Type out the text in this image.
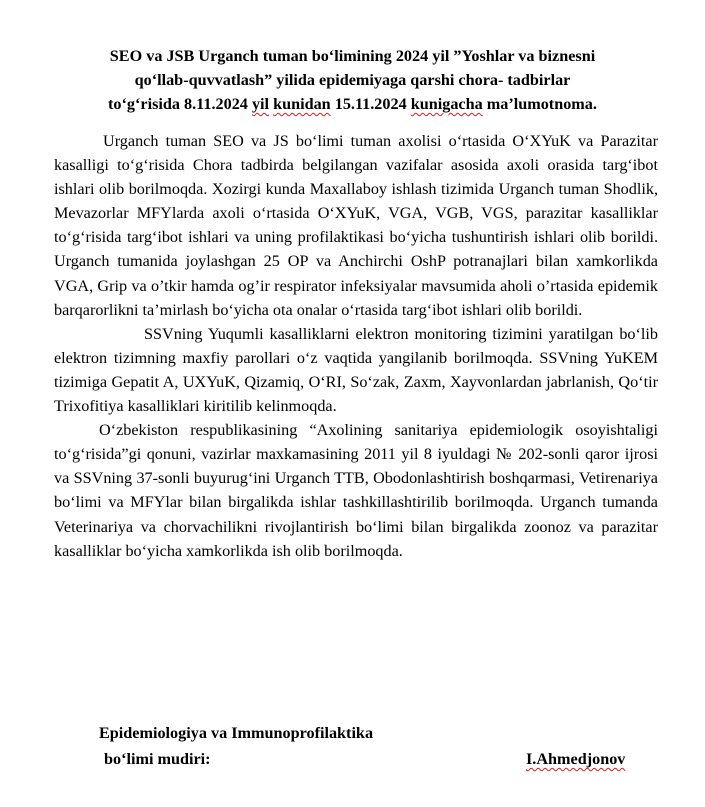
SEO va JSB Urganch tuman bo‘limining 2024 yil ”Yoshlar va biznesni
qo‘llab-quvvatlash” yilida epidemiyaga qarshi chora- tadbirlar
to‘g‘risida 8.11.2024 yil kunidan 15.11.2024 kunigacha ma’lumotnoma.

Urganch tuman SEO va JS bo‘limi tuman axolisi o‘rtasida O‘XYuK va Parazitar kasalligi to‘g‘risida Chora tadbirda belgilangan vazifalar asosida axoli orasida targ‘ibot ishlari olib borilmoqda. Xozirgi kunda Maxallaboy ishlash tizimida Urganch tuman Shodlik, Mevazorlar MFYlarda axoli o‘rtasida O‘XYuK, VGA, VGB, VGS, parazitar kasalliklar to‘g‘risida targ‘ibot ishlari va uning profilaktikasi bo‘yicha tushuntirish ishlari olib borildi. Urganch tumanida joylashgan 25 OP va Anchirchi OshP potranajlari bilan xamkorlikda VGA, Grip va o’tkir hamda og’ir respirator infeksiyalar mavsumida aholi o’rtasida epidemik barqarorlikni ta’mirlash bo‘yicha ota onalar o‘rtasida targ‘ibot ishlari olib borildi.

SSVning Yuqumli kasalliklarni elektron monitoring tizimini yaratilgan bo‘lib elektron tizimning maxfiy parollari o‘z vaqtida yangilanib borilmoqda. SSVning YuKEM tizimiga Gepatit A, UXYuK, Qizamiq, O‘RI, So‘zak, Zaxm, Xayvonlardan jabrlanish, Qo‘tir Trixofitiya kasalliklari kiritilib kelinmoqda.

O‘zbekiston respublikasining “Axolining sanitariya epidemiologik osoyishtaligi to‘g‘risida”gi qonuni, vazirlar maxkamasining 2011 yil 8 iyuldagi № 202-sonli qaror ijrosi va SSVning 37-sonli buyurug‘ini Urganch TTB, Obodonlashtirish boshqarmasi, Vetirenariya bo‘limi va MFYlar bilan birgalikda ishlar tashkillashtirilib borilmoqda. Urganch tumanda Veterinariya va chorvachilikni rivojlantirish bo‘limi bilan birgalikda zoonoz va parazitar kasalliklar bo‘yicha xamkorlikda ish olib borilmoqda.

Epidemiologiya va Immunoprofilaktika
bo‘limi mudiri:	I.Ahmedjonov
